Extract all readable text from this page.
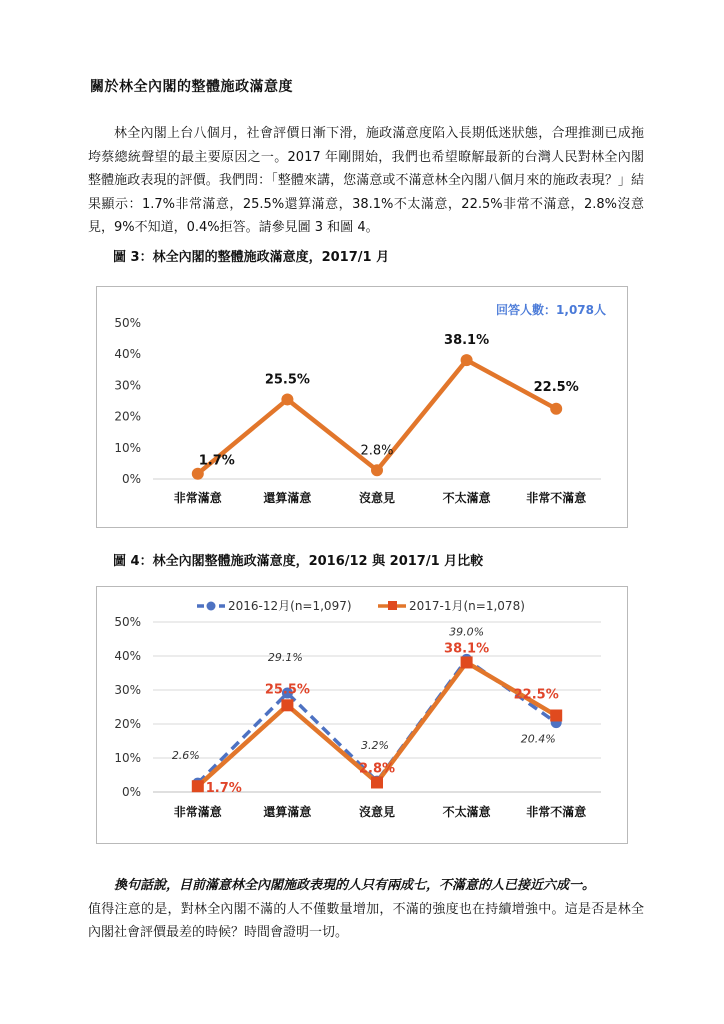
關於林全內閣的整體施政滿意度
林全內閣上台八個月，社會評價日漸下滑，施政滿意度陷入長期低迷狀態，合理推測已成拖垮蔡總統聲望的最主要原因之一。2017 年剛開始，我們也希望瞭解最新的台灣人民對林全內閣整體施政表現的評價。我們問：「整體來講，您滿意或不滿意林全內閣八個月來的施政表現？」結果顯示：1.7%非常滿意，25.5%還算滿意，38.1%不太滿意，22.5%非常不滿意，2.8%沒意見，9%不知道，0.4%拒答。請參見圖 3 和圖 4。
圖 3：林全內閣的整體施政滿意度，2017/1 月
回答人數：1,078人
0%
10%
20%
30%
40%
50%
非常滿意	還算滿意	沒意見	不太滿意	非常不滿意
1.7%
25.5%
2.8%
38.1%
22.5%
圖 4：林全內閣整體施政滿意度，2016/12 與 2017/1 月比較
0%
10%
20%
30%
40%
50%
非常滿意	還算滿意	沒意見	不太滿意	非常不滿意
2016-12月(n=1,097)	2017-1月(n=1,078)
2.6%
29.1%
3.2%
39.0%
20.4%
1.7%
25.5%
2.8%
38.1%
22.5%
換句話說，目前滿意林全內閣施政表現的人只有兩成七，不滿意的人已接近六成一。
值得注意的是，對林全內閣不滿的人不僅數量增加，不滿的強度也在持續增強中。這是否是林全內閣社會評價最差的時候？時間會證明一切。
